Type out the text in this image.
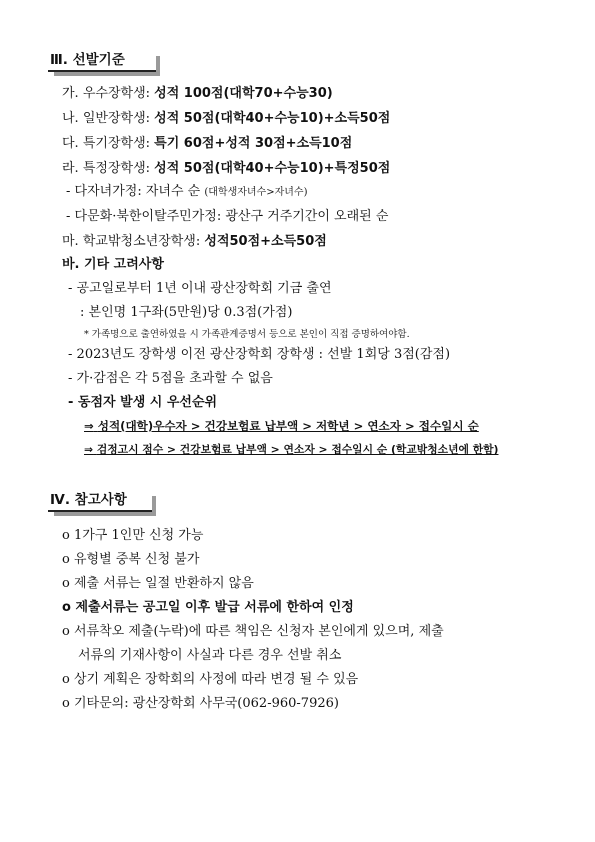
Ⅲ. 선발기준
가. 우수장학생: 성적 100점(대학70+수능30)
나. 일반장학생: 성적 50점(대학40+수능10)+소득50점
다. 특기장학생: 특기 60점+성적 30점+소득10점
라. 특정장학생: 성적 50점(대학40+수능10)+특정50점
- 다자녀가정: 자녀수 순 (대학생자녀수>자녀수)
- 다문화·북한이탈주민가정: 광산구 거주기간이 오래된 순
마. 학교밖청소년장학생: 성적50점+소득50점
바. 기타 고려사항
- 공고일로부터 1년 이내 광산장학회 기금 출연
: 본인명 1구좌(5만원)당 0.3점(가점)
* 가족명으로 출연하였을 시 가족관계증명서 등으로 본인이 직접 증명하여야함.
- 2023년도 장학생 이전 광산장학회 장학생 : 선발 1회당 3점(감점)
- 가·감점은 각 5점을 초과할 수 없음
- 동점자 발생 시 우선순위
⇒ 성적(대학)우수자 > 건강보험료 납부액 > 저학년 > 연소자 > 접수일시 순
⇒ 검정고시 점수 > 건강보험료 납부액 > 연소자 > 접수일시 순 (학교밖청소년에 한함)
Ⅳ. 참고사항
o 1가구 1인만 신청 가능
o 유형별 중복 신청 불가
o 제출 서류는 일절 반환하지 않음
o 제출서류는 공고일 이후 발급 서류에 한하여 인정
o 서류착오 제출(누락)에 따른 책임은 신청자 본인에게 있으며, 제출
서류의 기재사항이 사실과 다른 경우 선발 취소
o 상기 계획은 장학회의 사정에 따라 변경 될 수 있음
o 기타문의: 광산장학회 사무국(062-960-7926)
